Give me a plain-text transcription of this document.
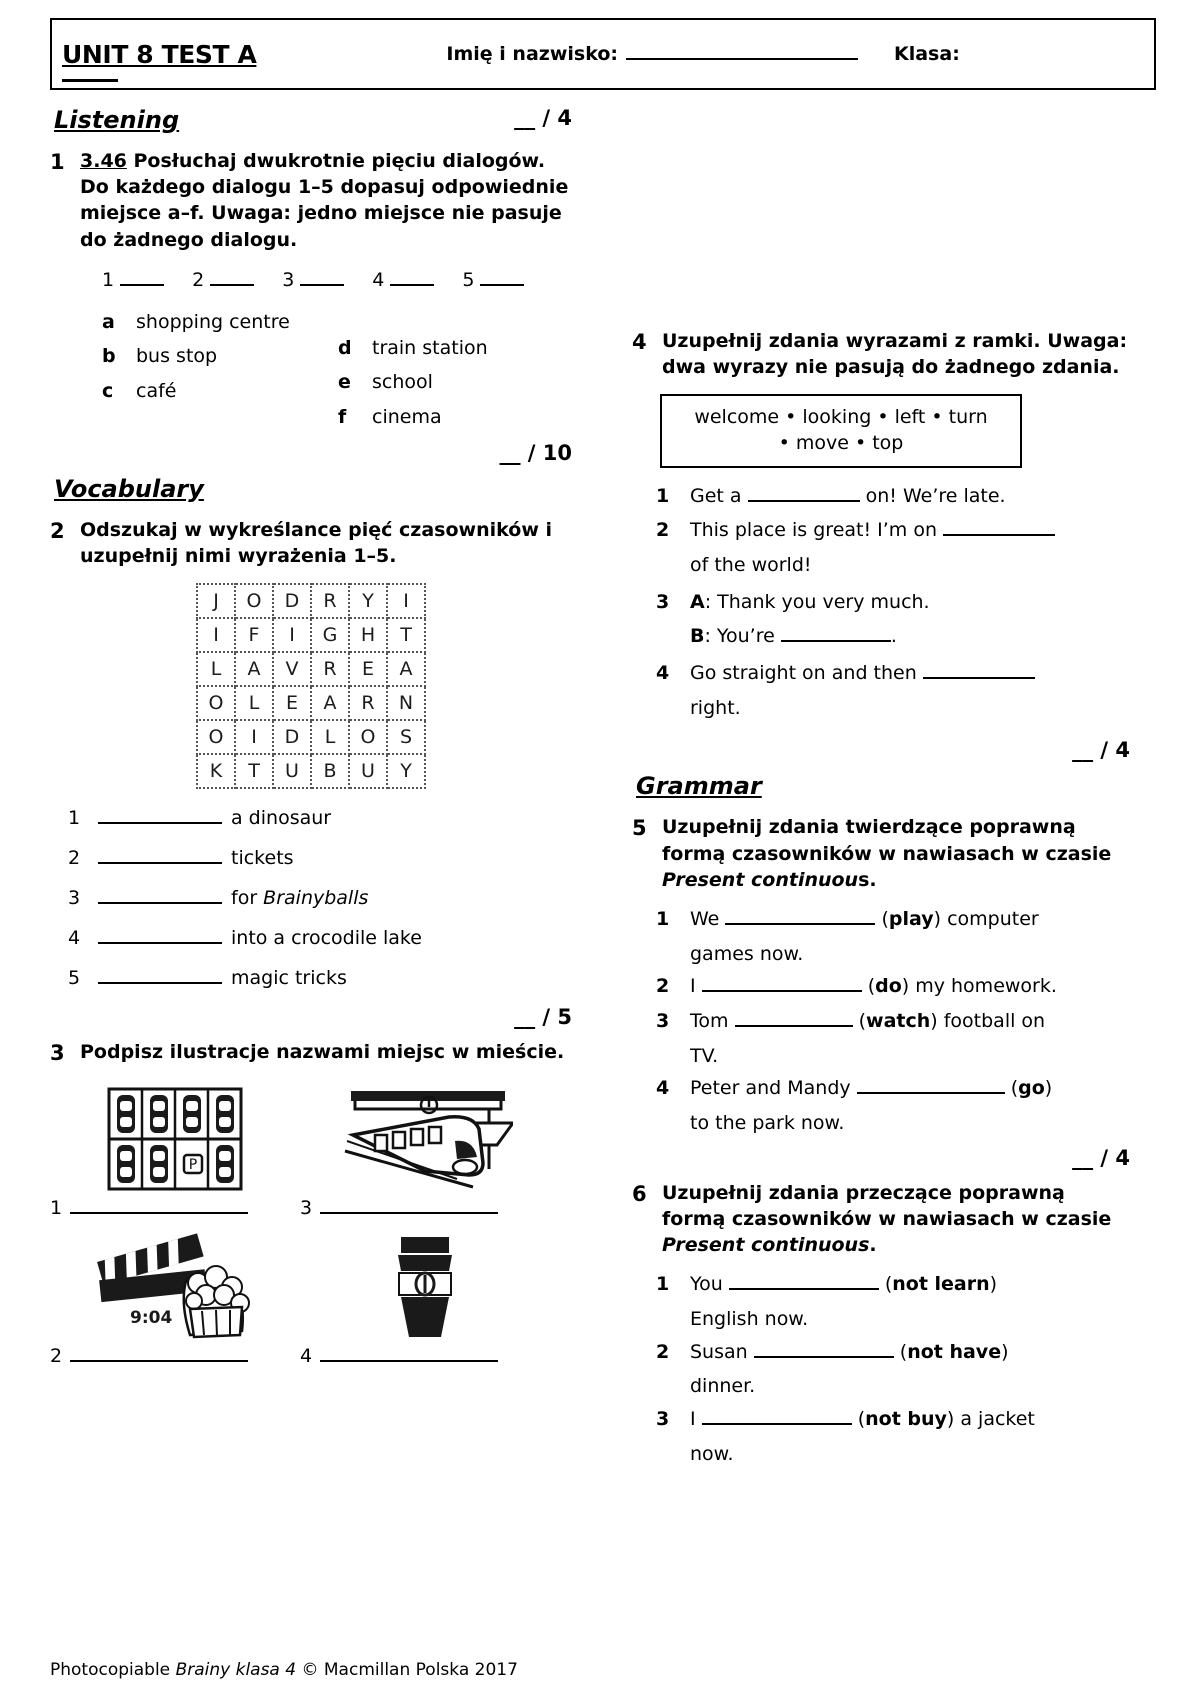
UNIT 8 TEST A	Imię i nazwisko:	Klasa:
Listening	__ / 4
1 3.46 Posłuchaj dwukrotnie pięciu dialogów. Do każdego dialogu 1–5 dopasuj odpowiednie miejsce a–f. Uwaga: jedno miejsce nie pasuje do żadnego dialogu.

1	2	3	4	5
a	shopping centre
b	bus stop
c	café
d	train station
e	school
f	cinema
__ / 10
Vocabulary
2 Odszukaj w wykreślance pięć czasowników i uzupełnij nimi wyrażenia 1–5.

J	O	D	R	Y	I
I	F	I	G	H	T
L	A	V	R	E	A
O	L	E	A	R	N
O	I	D	L	O	S
K	T	U	B	U	Y
1	a dinosaur
2	tickets
3	for Brainyballs
4	into a crocodile lake
5	magic tricks
__ / 5
3 Podpisz ilustracje nazwami miejsc w mieście.

P
1	3
9:04
2	4
4 Uzupełnij zdania wyrazami z ramki. Uwaga: dwa wyrazy nie pasują do żadnego zdania.

welcome • looking • left • turn
• move • top
1	Get a	on! We’re late.
2	This place is great! I’m on
of the world!
3	A: Thank you very much.
B: You’re	.
4	Go straight on and then
right.
__ / 4
Grammar
5 Uzupełnij zdania twierdzące poprawną formą czasowników w nawiasach w czasie Present continuous.

1	We	(play) computer
games now.
2	I	(do) my homework.
3	Tom	(watch) football on
TV.
4	Peter and Mandy	(go)
to the park now.
__ / 4
6 Uzupełnij zdania przeczące poprawną formą czasowników w nawiasach w czasie Present continuous.

1	You	(not learn)
English now.
2	Susan	(not have)
dinner.
3	I	(not buy) a jacket
now.
Photocopiable Brainy klasa 4 © Macmillan Polska 2017
